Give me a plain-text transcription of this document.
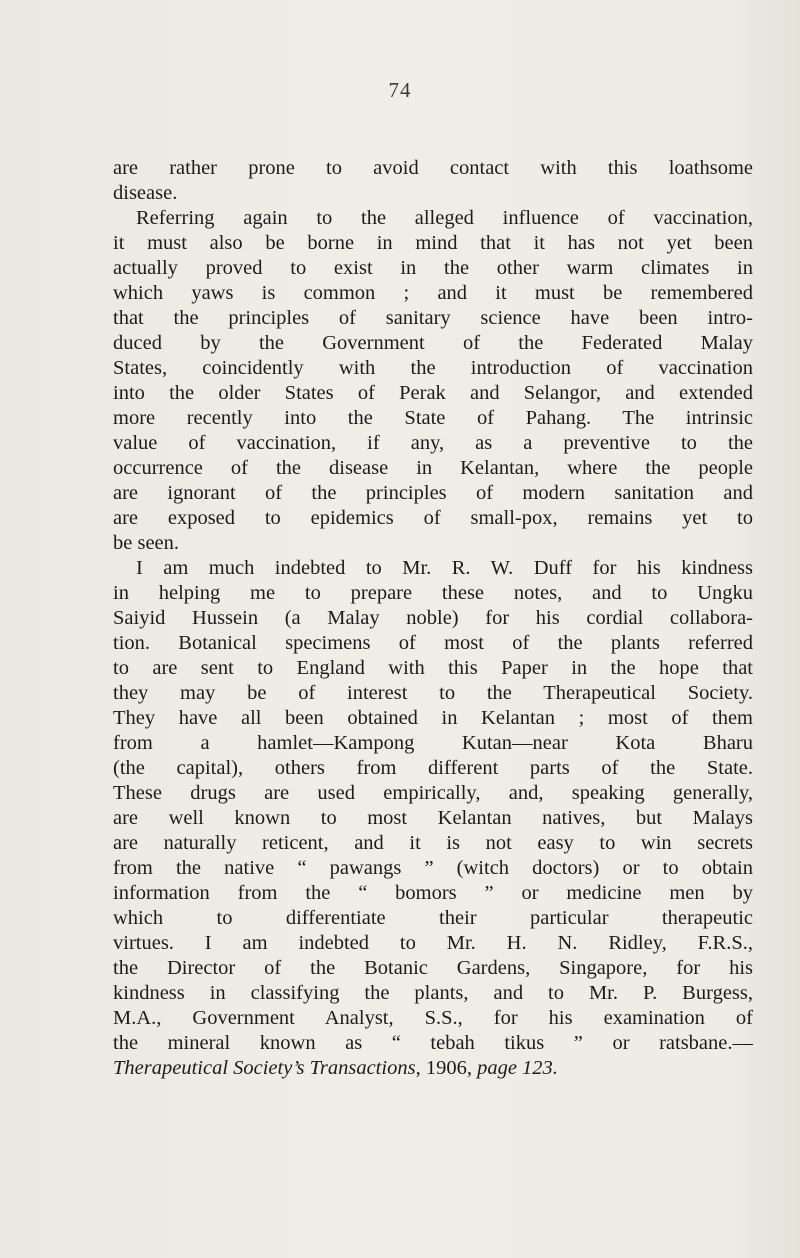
74
are rather prone to avoid contact with this loathsome
disease.
Referring again to the alleged influence of vaccination,
it must also be borne in mind that it has not yet been
actually proved to exist in the other warm climates in
which yaws is common ; and it must be remembered
that the principles of sanitary science have been intro-
duced by the Government of the Federated Malay
States, coincidently with the introduction of vaccination
into the older States of Perak and Selangor, and extended
more recently into the State of Pahang. The intrinsic
value of vaccination, if any, as a preventive to the
occurrence of the disease in Kelantan, where the people
are ignorant of the principles of modern sanitation and
are exposed to epidemics of small-pox, remains yet to
be seen.
I am much indebted to Mr. R. W. Duff for his kindness
in helping me to prepare these notes, and to Ungku
Saiyid Hussein (a Malay noble) for his cordial collabora-
tion. Botanical specimens of most of the plants referred
to are sent to England with this Paper in the hope that
they may be of interest to the Therapeutical Society.
They have all been obtained in Kelantan ; most of them
from a hamlet—Kampong Kutan—near Kota Bharu
(the capital), others from different parts of the State.
These drugs are used empirically, and, speaking generally,
are well known to most Kelantan natives, but Malays
are naturally reticent, and it is not easy to win secrets
from the native “ pawangs ” (witch doctors) or to obtain
information from the “ bomors ” or medicine men by
which to differentiate their particular therapeutic
virtues. I am indebted to Mr. H. N. Ridley, F.R.S.,
the Director of the Botanic Gardens, Singapore, for his
kindness in classifying the plants, and to Mr. P. Burgess,
M.A., Government Analyst, S.S., for his examination of
the mineral known as “ tebah tikus ” or ratsbane.—
Therapeutical Society’s Transactions, 1906, page 123.
